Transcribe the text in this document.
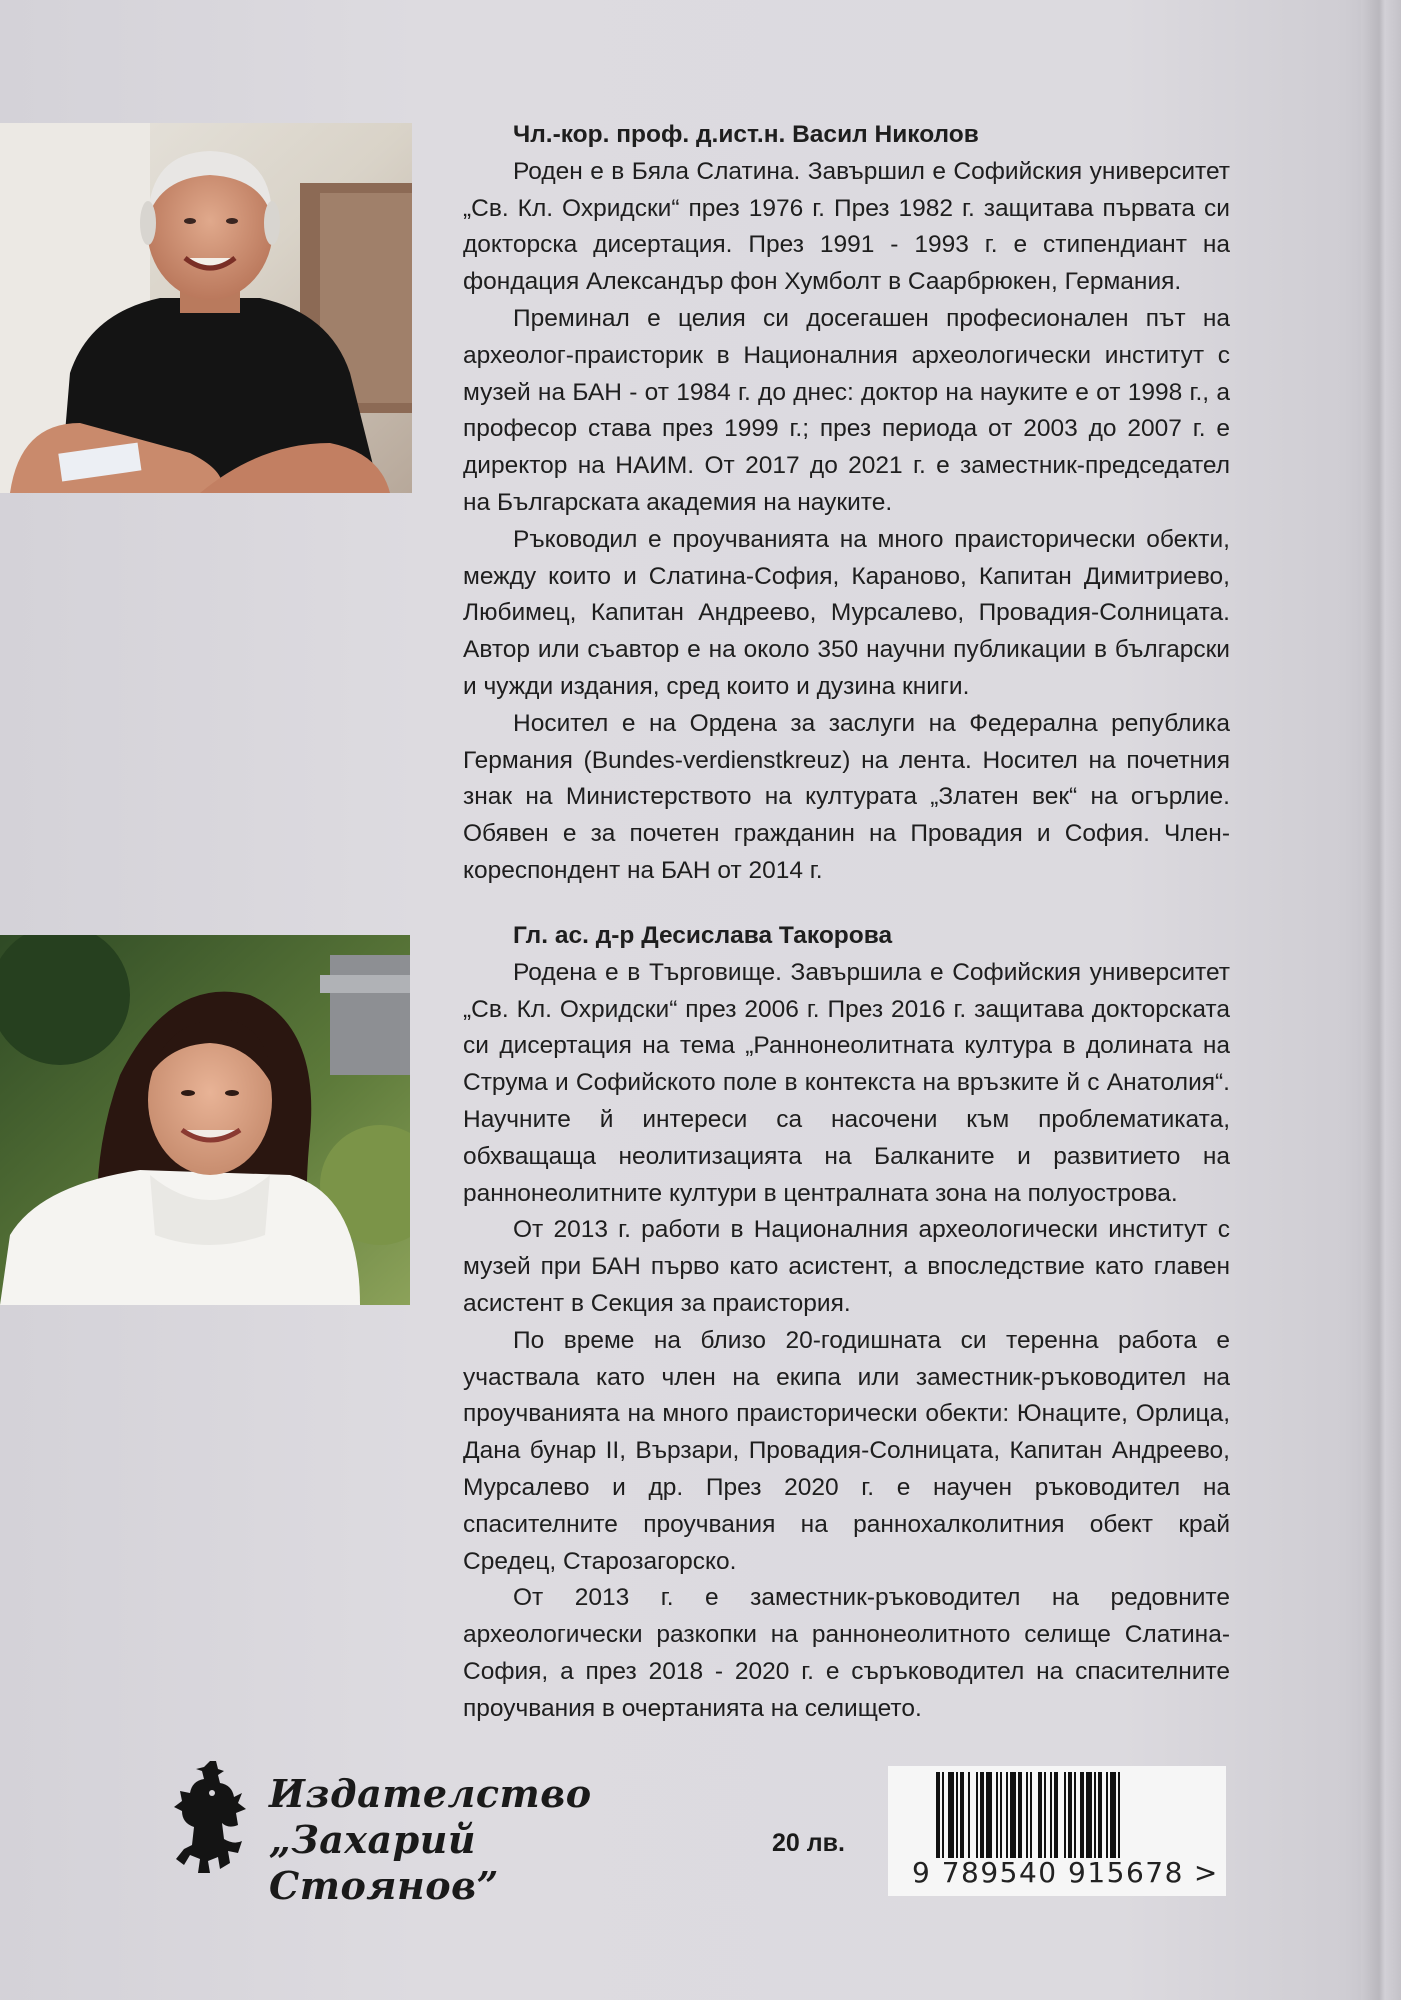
Чл.-кор. проф. д.ист.н. Васил Николов

Роден е в Бяла Слатина. Завършил е Софийския университет „Св. Кл. Охридски“ през 1976 г. През 1982 г. защитава първата си докторска дисертация. През 1991 - 1993 г. е стипендиант на фондация Александър фон Хумболт в Саарбрюкен, Германия.

Преминал е целия си досегашен професионален път на археолог-праисторик в Националния археологически институт с музей на БАН - от 1984 г. до днес: доктор на науките е от 1998 г., а професор става през 1999 г.; през периода от 2003 до 2007 г. е директор на НАИМ. От 2017 до 2021 г. е заместник-председател на Българската академия на науките.

Ръководил е проучванията на много праисторически обекти, между които и Слатина-София, Караново, Капитан Димитриево, Любимец, Капитан Андреево, Мурсалево, Провадия-Солницата. Автор или съавтор е на около 350 научни публикации в български и чужди издания, сред които и дузина книги.

Носител е на Ордена за заслуги на Федерална република Германия (Bundes-verdienstkreuz) на лента. Носител на почетния знак на Министерството на културата „Златен век“ на огърлие. Обявен е за почетен гражданин на Провадия и София. Член-кореспондент на БАН от 2014 г.

Гл. ас. д-р Десислава Такорова

Родена е в Търговище. Завършила е Софийския университет „Св. Кл. Охридски“ през 2006 г. През 2016 г. защитава докторската си дисертация на тема „Раннонеолитната култура в долината на Струма и Софийското поле в контекста на връзките й с Анатолия“. Научните й интереси са насочени към проблематиката, обхващаща неолитизацията на Балканите и развитието на раннонеолитните култури в централната зона на полуострова.

От 2013 г. работи в Националния археологически институт с музей при БАН първо като асистент, а впоследствие като главен асистент в Секция за праистория.

По време на близо 20-годишната си теренна работа е участвала като член на екипа или заместник-ръководител на проучванията на много праисторически обекти: Юнаците, Орлица, Дана бунар II, Вързари, Провадия-Солницата, Капитан Андреево, Мурсалево и др. През 2020 г. е научен ръководител на спасителните проучвания на раннохалколитния обект край Средец, Старозагорско.

От 2013 г. е заместник-ръководител на редовните археологически разкопки на раннонеолитното селище Слатина-София, а през 2018 - 2020 г. е съръководител на спасителните проучвания в очертанията на селището.

Издателство
„Захарий Стоянов”
20 лв.
9 789540 915678 >
